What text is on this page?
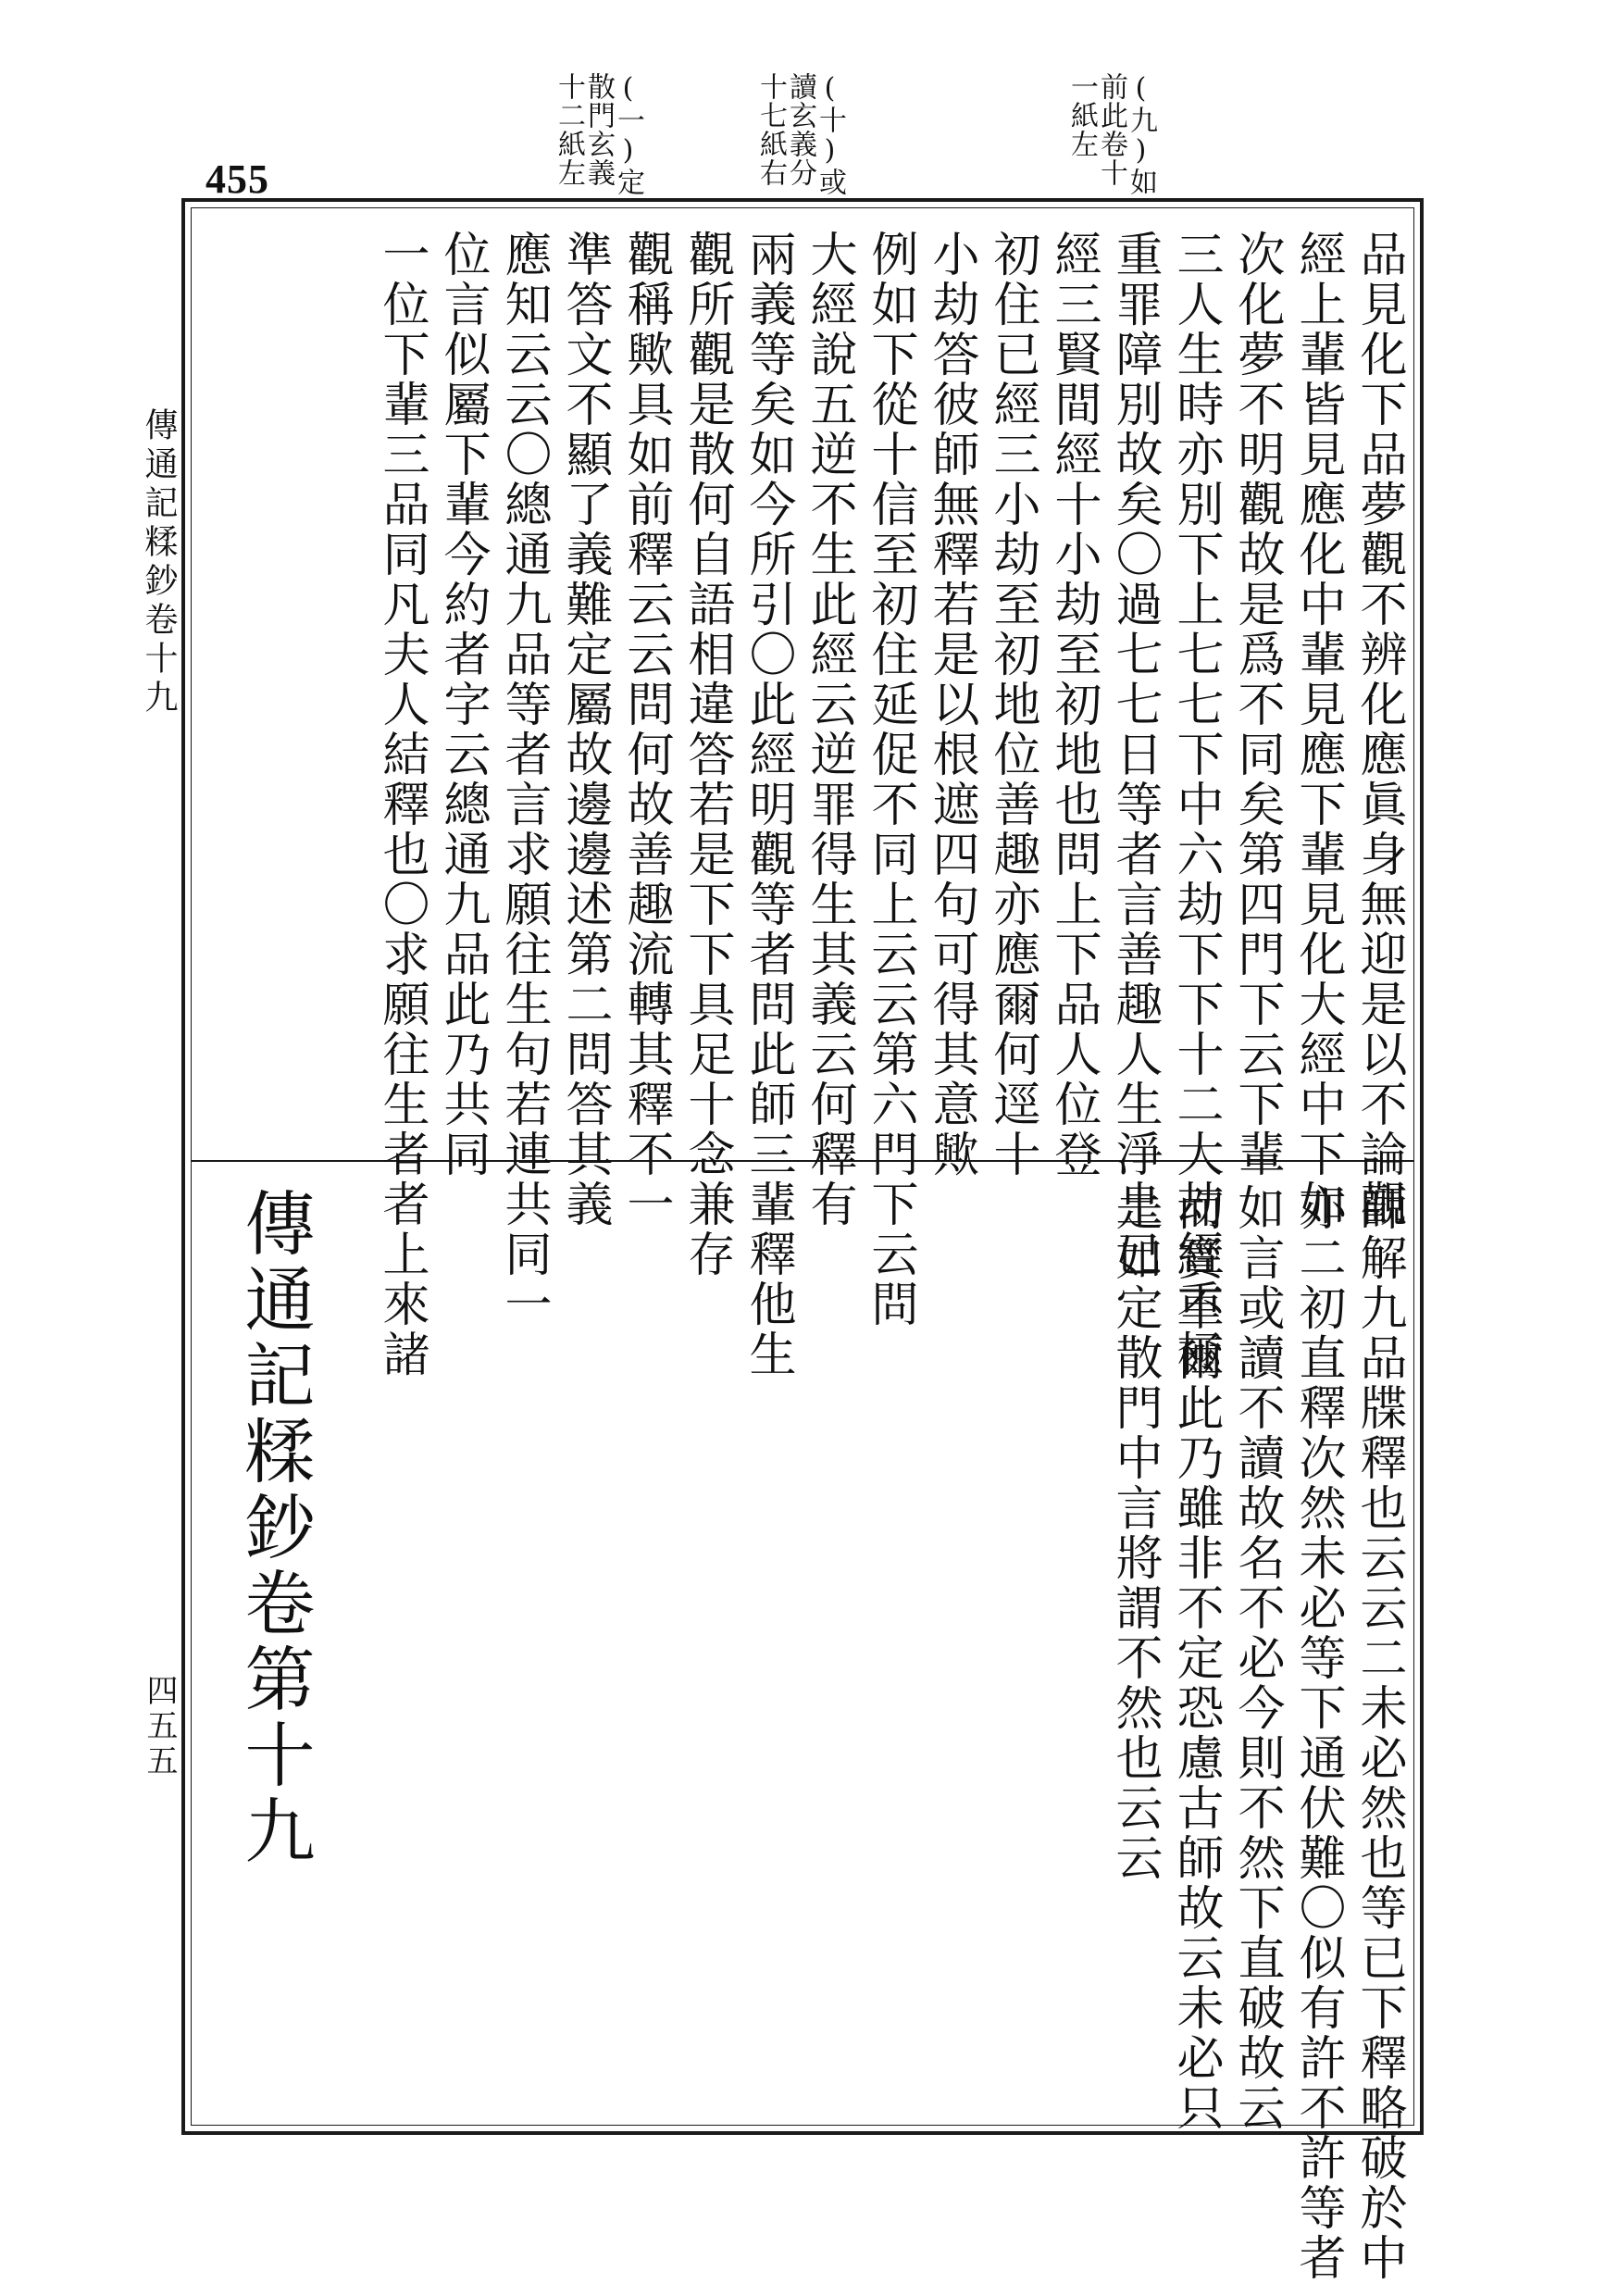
455
(九)如前此卷十一紙左
(十)或讀玄義分十七紙右
(一)定散門玄義十二紙左
傳通記糅鈔卷十九
四五五

品見化下品夢觀不辨化應眞身無迎是以不論觀

經上輩皆見應化中輩見應下輩見化大經中下如

次化夢不明觀故是爲不同矣第四門下云下輩

三人生時亦別下上七七下中六劫下下十二大劫經重極

重罪障別故矣〇過七七日等者言善趣人生淨土已

經三賢間經十小劫至初地也問上下品人位登

初住已經三小劫至初地位善趣亦應爾何逕十

小劫答彼師無釋若是以根遮四句可得其意歟

例如下從十信至初住延促不同上云云第六門下云問

大經說五逆不生此經云逆罪得生其義云何釋有

兩義等矣如今所引〇此經明觀等者問此師三輩釋他生

觀所觀是散何自語相違答若是下下具足十念兼存

觀稱歟具如前釋云云問何故善趣流轉其釋不一

準答文不顯了義難定屬故邊邊述第二問答其義

應知云云〇總通九品等者言求願往生句若連共同一

位言似屬下輩今約者字云總通九品此乃共同

一位下輩三品同凡夫人結釋也〇求願往生者者上來諸

師解九品牒釋也云云二未必然也等已下釋略破於中

亦二初直釋次然未必等下通伏難〇似有許不許等者

如言或讀不讀故名不必今則不然下直破故云

而實不爾此乃雖非不定恐慮古師故云未必只

是如定散門中言將謂不然也云云

傳通記糅鈔卷第十九
